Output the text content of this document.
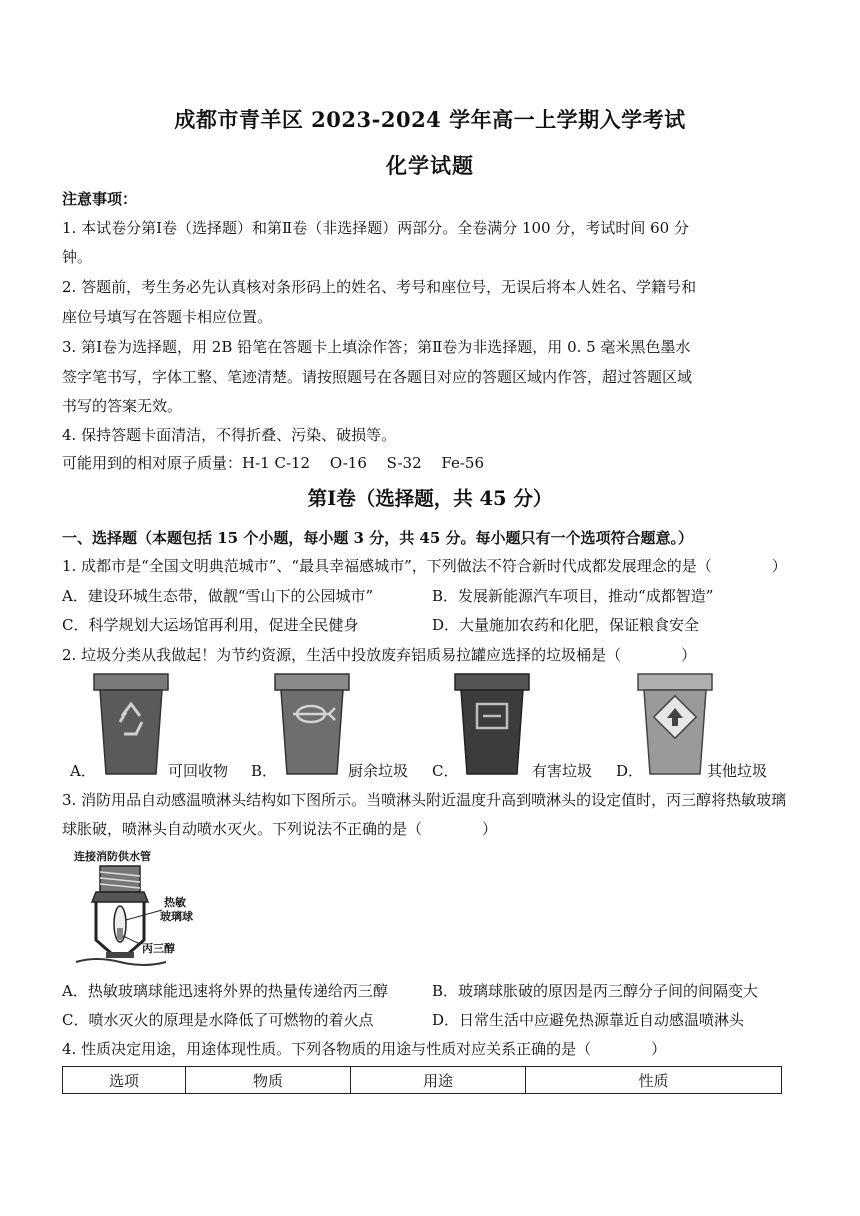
成都市青羊区 2023-2024 学年高一上学期入学考试
化学试题
注意事项：
1. 本试卷分第Ⅰ卷（选择题）和第Ⅱ卷（非选择题）两部分。全卷满分 100 分，考试时间 60 分
钟。
2. 答题前，考生务必先认真核对条形码上的姓名、考号和座位号，无误后将本人姓名、学籍号和
座位号填写在答题卡相应位置。
3. 第Ⅰ卷为选择题，用 2B 铅笔在答题卡上填涂作答；第Ⅱ卷为非选择题，用 0. 5 毫米黑色墨水
签字笔书写，字体工整、笔迹清楚。请按照题号在各题目对应的答题区域内作答，超过答题区域
书写的答案无效。
4. 保持答题卡面清洁，不得折叠、污染、破损等。
可能用到的相对原子质量：H-1 C-12　 O-16　 S-32　 Fe-56
第Ⅰ卷（选择题，共 45 分）
一、选择题（本题包括 15 个小题，每小题 3 分，共 45 分。每小题只有一个选项符合题意。）
1. 成都市是“全国文明典范城市”、“最具幸福感城市”，下列做法不符合新时代成都发展理念的是（　　　　）
A．建设环城生态带，做靓“雪山下的公园城市”	B．发展新能源汽车项目，推动“成都智造”
C．科学规划大运场馆再利用，促进全民健身	D．大量施加农药和化肥，保证粮食安全
2. 垃圾分类从我做起！为节约资源，生活中投放废弃铝质易拉罐应选择的垃圾桶是（　　　　）
A．	可回收物 B．	厨余垃圾 C．	有害垃圾 D．	其他垃圾
3. 消防用品自动感温喷淋头结构如下图所示。当喷淋头附近温度升高到喷淋头的设定值时，丙三醇将热敏玻璃
球胀破，喷淋头自动喷水灭火。下列说法不正确的是（　　　　）
连接消防供水管
热敏
玻璃球
丙三醇
A．热敏玻璃球能迅速将外界的热量传递给丙三醇	B．玻璃球胀破的原因是丙三醇分子间的间隔变大
C．喷水灭火的原理是水降低了可燃物的着火点	D．日常生活中应避免热源靠近自动感温喷淋头
4. 性质决定用途，用途体现性质。下列各物质的用途与性质对应关系正确的是（　　　　）
选项	物质	用途	性质
